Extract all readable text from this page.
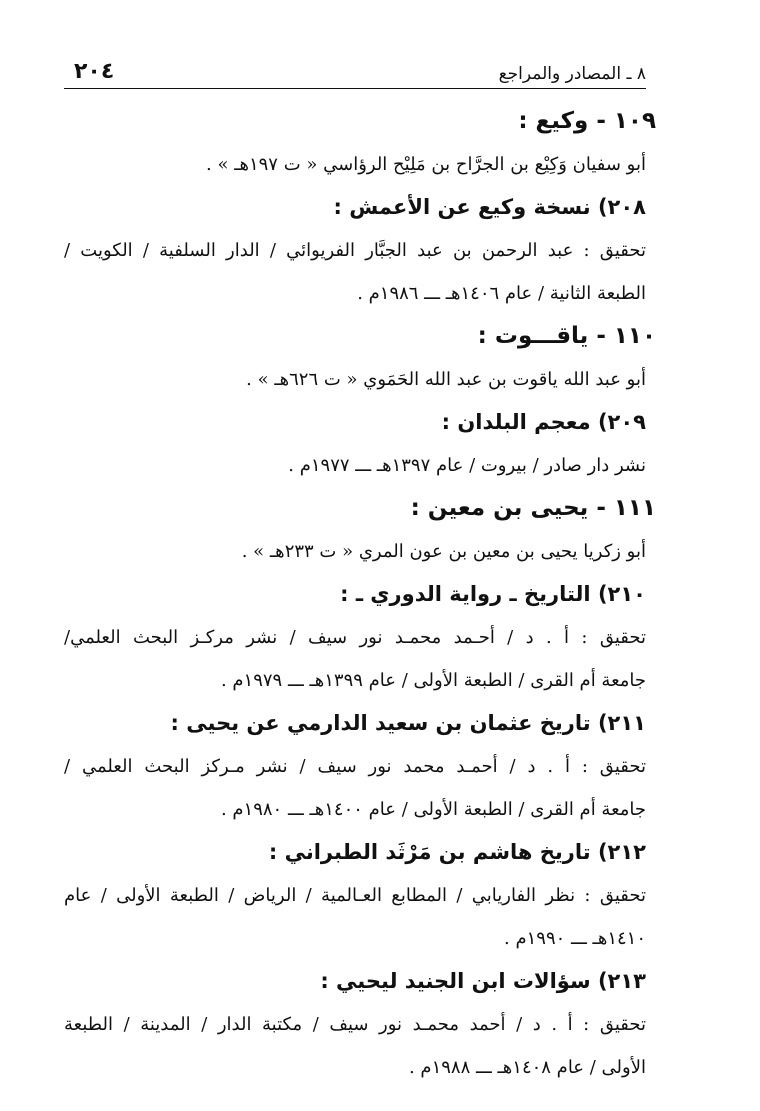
٨ ـ المصادر والمراجع
٢٠٤
١٠٩ - وكيع :
أبو سفيان وَكِيْع بن الجرَّاح بن مَلِيْح الرؤاسي « ت ١٩٧هـ » .
٢٠٨) نسخة وكيع عن الأعمش :
تحقيق : عبد الرحمن بن عبد الجبَّار الفريوائي / الدار السلفية / الكويت /
الطبعة الثانية / عام ١٤٠٦هـ ـــ ١٩٨٦م .
١١٠ - ياقـــوت :
أبو عبد الله ياقوت بن عبد الله الحَمَوي « ت ٦٢٦هـ » .
٢٠٩) معجم البلدان :
نشر دار صادر / بيروت / عام ١٣٩٧هـ ـــ ١٩٧٧م .
١١١ - يحيى بن معين :
أبو زكريا يحيى بن معين بن عون المري « ت ٢٣٣هـ » .
٢١٠) التاريخ ـ رواية الدوري ـ :
تحقيق : أ . د / أحـمد محمـد نور سيف / نشر مركـز البحث العلمي/
جامعة أم القرى / الطبعة الأولى / عام ١٣٩٩هـ ـــ ١٩٧٩م .
٢١١) تاريخ عثمان بن سعيد الدارمي عن يحيى :
تحقيق : أ . د / أحمـد محمد نور سيف / نشر مـركز البحث العلمي /
جامعة أم القرى / الطبعة الأولى / عام ١٤٠٠هـ ـــ ١٩٨٠م .
٢١٢) تاريخ هاشم بن مَرْثَد الطبراني :
تحقيق : نظر الفاريابي / المطابع العـالمية / الرياض / الطبعة الأولى / عام
١٤١٠هـ ـــ ١٩٩٠م .
٢١٣) سؤالات ابن الجنيد ليحيي :
تحقيق : أ . د / أحمد محمـد نور سيف / مكتبة الدار / المدينة / الطبعة
الأولى / عام ١٤٠٨هـ ـــ ١٩٨٨م .
